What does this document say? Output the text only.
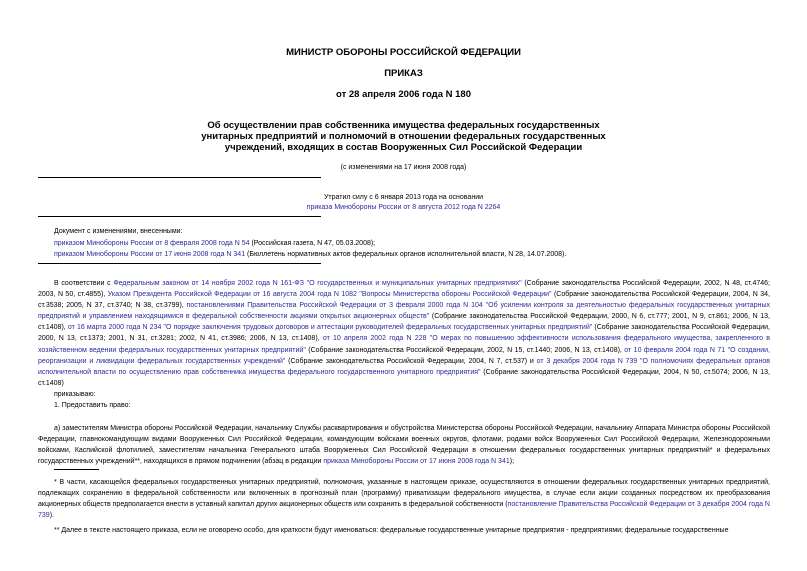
МИНИСТР ОБОРОНЫ РОССИЙСКОЙ ФЕДЕРАЦИИ
ПРИКАЗ
от 28 апреля 2006 года N 180
Об осуществлении прав собственника имущества федеральных государственных
унитарных предприятий и полномочий в отношении федеральных государственных
учреждений, входящих в состав Вооруженных Сил Российской Федерации
(с изменениями на 17 июня 2008 года)
Утратил силу с 6 января 2013 года на основании
приказа Минобороны России от 8 августа 2012 года N 2264
Документ с изменениями, внесенными:
приказом Минобороны России от 8 февраля 2008 года N 54 (Российская газета, N 47, 05.03.2008);
приказом Минобороны России от 17 июня 2008 года N 341 (Бюллетень нормативных актов федеральных органов исполнительной власти, N 28, 14.07.2008).
В соответствии с Федеральным законом от 14 ноября 2002 года N 161-ФЗ "О государственных и муниципальных унитарных предприятиях" (Собрание законодательства Российской Федерации, 2002, N 48, ст.4746; 2003, N 50, ст.4855), Указом Президента Российской Федерации от 16 августа 2004 года N 1082 "Вопросы Министерства обороны Российской Федерации" (Собрание законодательства Российской Федерации, 2004, N 34, ст.3538; 2005, N 37, ст.3740; N 38, ст.3799), постановлениями Правительства Российской Федерации от 3 февраля 2000 года N 104 "Об усилении контроля за деятельностью федеральных государственных унитарных предприятий и управлением находящимися в федеральной собственности акциями открытых акционерных обществ" (Собрание законодательства Российской Федерации, 2000, N 6, ст.777; 2001, N 9, ст.861; 2006, N 13, ст.1408), от 16 марта 2000 года N 234 "О порядке заключения трудовых договоров и аттестации руководителей федеральных государственных унитарных предприятий" (Собрание законодательства Российской Федерации, 2000, N 13, ст.1373; 2001, N 31, ст.3281; 2002, N 41, ст.3986; 2006, N 13, ст.1408), от 10 апреля 2002 года N 228 "О мерах по повышению эффективности использования федерального имущества, закрепленного в хозяйственном ведении федеральных государственных унитарных предприятий" (Собрание законодательства Российской Федерации, 2002, N 15, ст.1440; 2006, N 13, ст.1408), от 10 февраля 2004 года N 71 "О создании, реорганизации и ликвидации федеральных государственных учреждений" (Собрание законодательства Российской Федерации, 2004, N 7, ст.537) и от 3 декабря 2004 года N 739 "О полномочиях федеральных органов исполнительной власти по осуществлению прав собственника имущества федерального государственного унитарного предприятия" (Собрание законодательства Российской Федерации, 2004, N 50, ст.5074; 2006, N 13, ст.1408)
приказываю:
1. Предоставить право:
а) заместителям Министра обороны Российской Федерации, начальнику Службы расквартирования и обустройства Министерства обороны Российской Федерации, начальнику Аппарата Министра обороны Российской Федерации, главнокомандующим видами Вооруженных Сил Российской Федерации, командующим войсками военных округов, флотами, родами войск Вооруженных Сил Российской Федерации, Железнодорожными войсками, Каспийской флотилией, заместителям начальника Генерального штаба Вооруженных Сил Российской Федерации в отношении федеральных государственных унитарных предприятий* и федеральных государственных учреждений**, находящихся в прямом подчинении (абзац в редакции приказа Минобороны России от 17 июня 2008 года N 341);
* В части, касающейся федеральных государственных унитарных предприятий, полномочия, указанные в настоящем приказе, осуществляются в отношении федеральных государственных унитарных предприятий, подлежащих сохранению в федеральной собственности или включенных в прогнозный план (программу) приватизации федерального имущества, в случае если акции созданных посредством их преобразования акционерных обществ предполагается внести в уставный капитал других акционерных обществ или сохранить в федеральной собственности (постановление Правительства Российской Федерации от 3 декабря 2004 года N 739).
** Далее в тексте настоящего приказа, если не оговорено особо, для краткости будут именоваться: федеральные государственные унитарные предприятия - предприятиями; федеральные государственные
